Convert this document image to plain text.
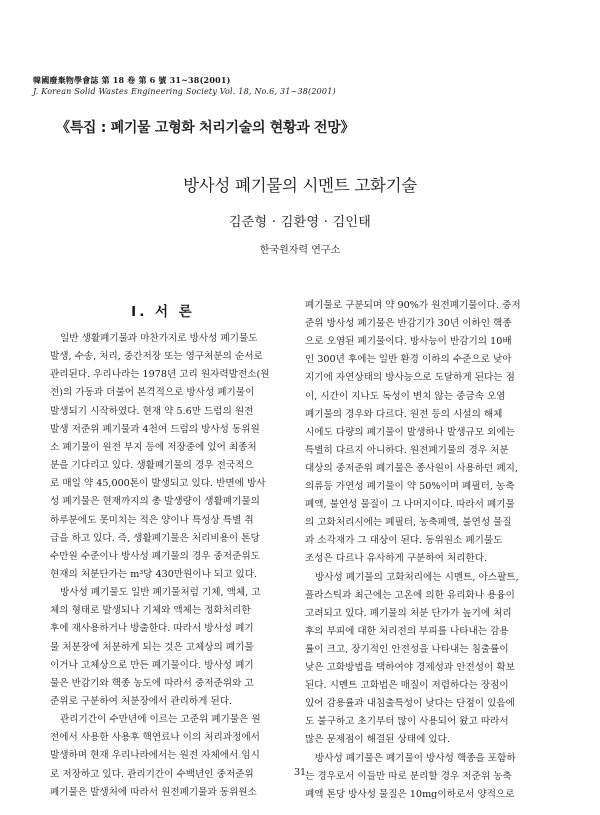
韓國廢棄物學會誌 第 18 卷 第 6 號 31~38(2001)
J. Korean Solid Wastes Engineering Society Vol. 18, No.6, 31~38(2001)
《특집 : 폐기물 고형화 처리기술의 현황과 전망》
방사성 폐기물의 시멘트 고화기술
김준형 · 김환영 · 김인태
한국원자력 연구소
I. 서 론
일반 생활폐기물과 마찬가지로 방사성 폐기물도
발생, 수송, 처리, 중간저장 또는 영구처분의 순서로
관리된다. 우리나라는 1978년 고리 원자력발전소(원
전)의 가동과 더불어 본격적으로 방사성 폐기물이
발생되기 시작하였다. 현재 약 5.6만 드럼의 원전
발생 저준위 폐기물과 4천여 드럼의 방사성 동위원
소 폐기물이 원전 부지 등에 저장중에 있어 최종처
분을 기다리고 있다. 생활폐기물의 경우 전국적으
로 매일 약 45,000톤이 발생되고 있다. 반면에 방사
성 폐기물은 현재까지의 총 발생량이 생활폐기물의
하루분에도 못미치는 적은 양이나 특성상 특별 취
급을 하고 있다. 즉, 생활폐기물은 처리비용이 톤당
수만원 수준이나 방사성 폐기물의 경우 중저준위도
현재의 처분단가는 m³당 430만원이나 되고 있다.
방사성 폐기물도 일반 폐기물처럼 기체, 액체, 고
체의 형태로 발생되나 기체와 액체는 정화처리한
후에 재사용하거나 방출한다. 따라서 방사성 폐기
물 처분장에 처분하게 되는 것은 고체상의 폐기물
이거나 고체상으로 만든 폐기물이다. 방사성 폐기
물은 반감기와 핵종 농도에 따라서 중저준위와 고
준위로 구분하여 처분장에서 관리하게 된다.
관리기간이 수만년에 이르는 고준위 폐기물은 원
전에서 사용한 사용후 핵연료나 이의 처리과정에서
발생하며 현재 우리나라에서는 원전 자체에서 임시
로 저장하고 있다. 관리기간이 수백년인 중저준위
폐기물은 발생처에 따라서 원전폐기물과 동위원소
폐기물로 구분되며 약 90%가 원전폐기물이다. 중저
준위 방사성 폐기물은 반감기가 30년 이하인 핵종
으로 오염된 폐기물이다. 방사능이 반감기의 10배
인 300년 후에는 일반 환경 이하의 수준으로 낮아
지기에 자연상태의 방사능으로 도달하게 된다는 점
이, 시간이 지나도 독성이 변치 않는 중금속 오염
폐기물의 경우와 다르다. 원전 등의 시설의 해체
시에도 다량의 폐기물이 발생하나 발생규모 외에는
특별히 다르지 아니하다. 원전폐기물의 경우 처분
대상의 중저준위 폐기물은 종사원이 사용하던 폐지,
의류등 가연성 폐기물이 약 50%이며 폐필터, 농축
폐액, 불연성 물질이 그 나머지이다. 따라서 폐기물
의 고화처리시에는 폐필터, 농축폐액, 불연성 물질
과 소각재가 그 대상이 된다. 동위원소 폐기물도
조성은 다르나 유사하게 구분하여 처리한다.
방사성 폐기물의 고화처리에는 시멘트, 아스팔트,
플라스틱과 최근에는 고온에 의한 유리화나 용융이
고려되고 있다. 폐기물의 처분 단가가 높기에 처리
후의 부피에 대한 처리전의 부피를 나타내는 감용
률이 크고, 장기적인 안전성을 나타내는 침출률이
낮은 고화방법을 택하여야 경제성과 안전성이 확보
된다. 시멘트 고화법은 매질이 저렴하다는 장점이
있어 감용률과 내침출특성이 낮다는 단점이 있음에
도 불구하고 초기부터 많이 사용되어 왔고 따라서
많은 문제점이 해결된 상태에 있다.
방사성 폐기물은 폐기물이 방사성 핵종을 포함하
는 경우로서 이들만 따로 분리할 경우 저준위 농축
폐액 톤당 방사성 물질은 10mg이하로서 양적으로
31
